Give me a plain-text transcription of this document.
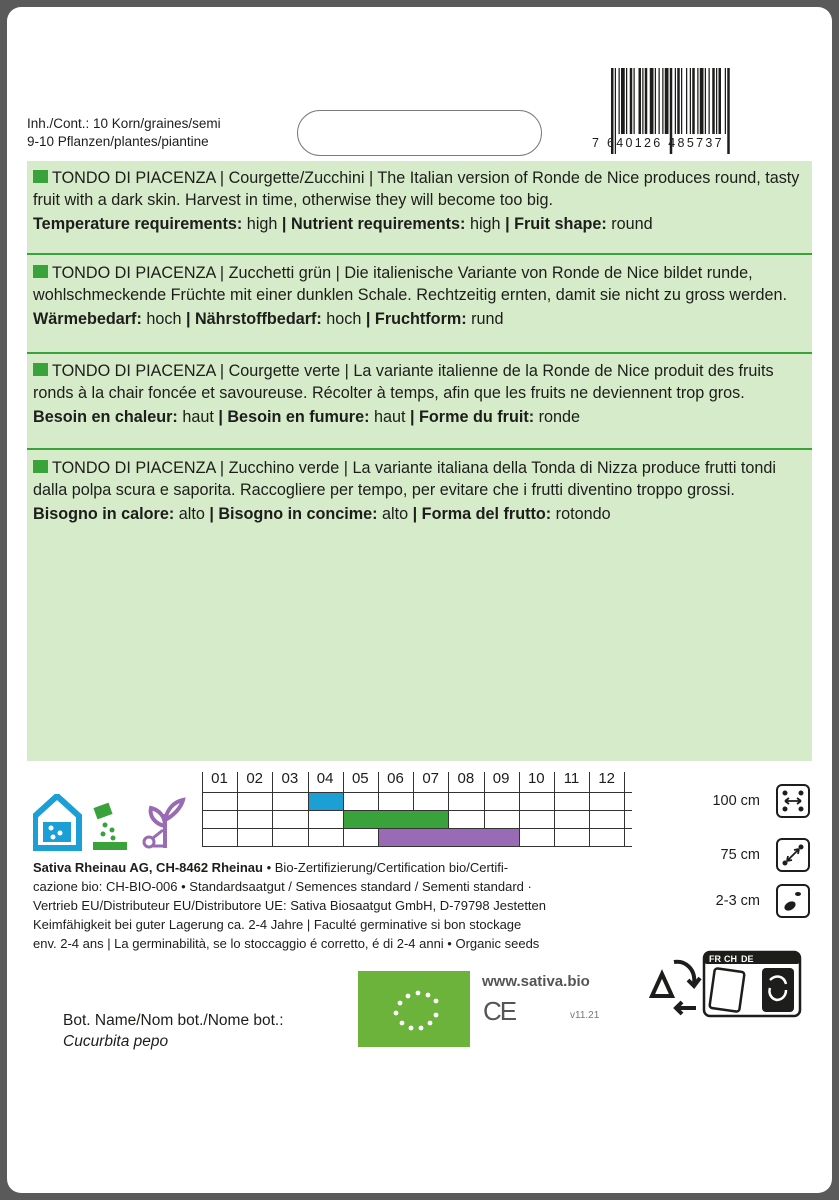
Inh./Cont.: 10 Korn/graines/semi
9-10 Pflanzen/plantes/piantine	7 640126 485737
TONDO DI PIACENZA | Courgette/Zucchini | The Italian version of Ronde de Nice produces round, tasty fruit with a dark skin. Harvest in time, otherwise they will become too big.
Temperature requirements: high | Nutrient requirements: high | Fruit shape: round
TONDO DI PIACENZA | Zucchetti grün | Die italienische Variante von Ronde de Nice bildet runde, wohlschmeckende Früchte mit einer dunklen Schale. Rechtzeitig ernten, damit sie nicht zu gross werden.
Wärmebedarf: hoch | Nährstoffbedarf: hoch | Fruchtform: rund
TONDO DI PIACENZA | Courgette verte | La variante italienne de la Ronde de Nice produit des fruits ronds à la chair foncée et savoureuse. Récolter à temps, afin que les fruits ne deviennent trop gros.
Besoin en chaleur: haut | Besoin en fumure: haut | Forme du fruit: ronde
TONDO DI PIACENZA | Zucchino verde | La variante italiana della Tonda di Nizza produce frutti tondi dalla polpa scura e saporita. Raccogliere per tempo, per evitare che i frutti diventino troppo grossi.
Bisogno in calore: alto | Bisogno in concime: alto | Forma del frutto: rotondo
01	02	03	04	05	06	07	08	09	10	11	12
Sativa Rheinau AG, CH-8462 Rheinau • Bio-Zertifizierung/Certification bio/Certifi-
cazione bio: CH-BIO-006 • Standardsaatgut / Semences standard / Sementi standard ·
Vertrieb EU/Distributeur EU/Distributore UE: Sativa Biosaatgut GmbH, D-79798 Jestetten
Keimfähigkeit bei guter Lagerung ca. 2-4 Jahre | Faculté germinative si bon stockage
env. 2-4 ans | La germinabilità, se lo stoccaggio é corretto, é di 2-4 anni • Organic seeds
100 cm
75 cm
2-3 cm
www.sativa.bio
CE	v11.21
Bot. Name/Nom bot./Nome bot.:
Cucurbita pepo
FR CH DE
